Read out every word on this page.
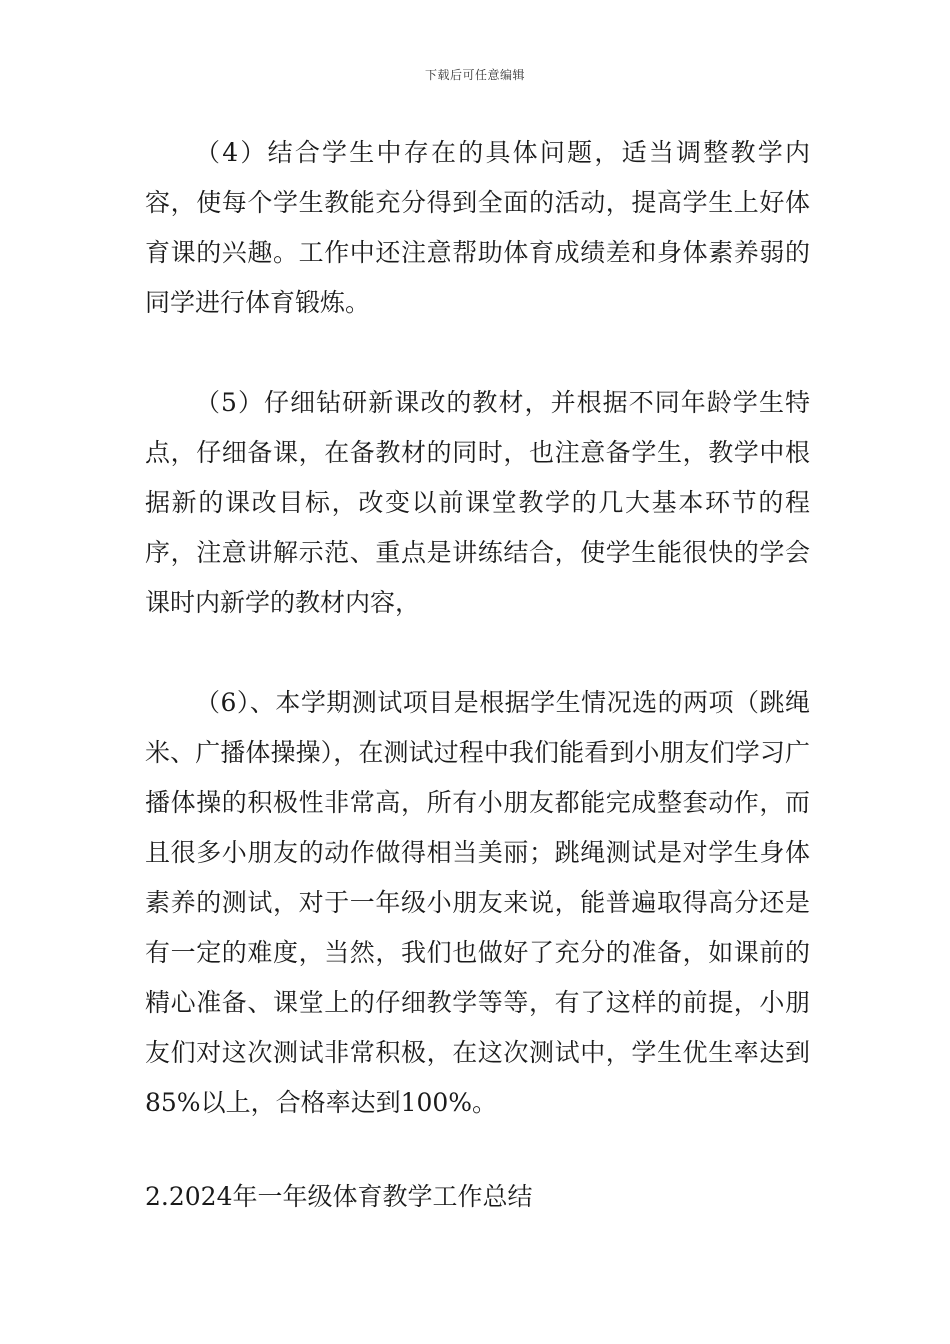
下载后可任意编辑

（4）结合学生中存在的具体问题，适当调整教学内容，使每个学生教能充分得到全面的活动，提高学生上好体育课的兴趣。工作中还注意帮助体育成绩差和身体素养弱的同学进行体育锻炼。

（5）仔细钻研新课改的教材，并根据不同年龄学生特点，仔细备课，在备教材的同时，也注意备学生，教学中根据新的课改目标，改变以前课堂教学的几大基本环节的程序，注意讲解示范、重点是讲练结合，使学生能很快的学会课时内新学的教材内容，

（6）、本学期测试项目是根据学生情况选的两项（跳绳米、广播体操操），在测试过程中我们能看到小朋友们学习广播体操的积极性非常高，所有小朋友都能完成整套动作，而且很多小朋友的动作做得相当美丽；跳绳测试是对学生身体素养的测试，对于一年级小朋友来说，能普遍取得高分还是有一定的难度，当然，我们也做好了充分的准备，如课前的精心准备、课堂上的仔细教学等等，有了这样的前提，小朋友们对这次测试非常积极，在这次测试中，学生优生率达到85%以上，合格率达到100%。

2.2024年一年级体育教学工作总结
